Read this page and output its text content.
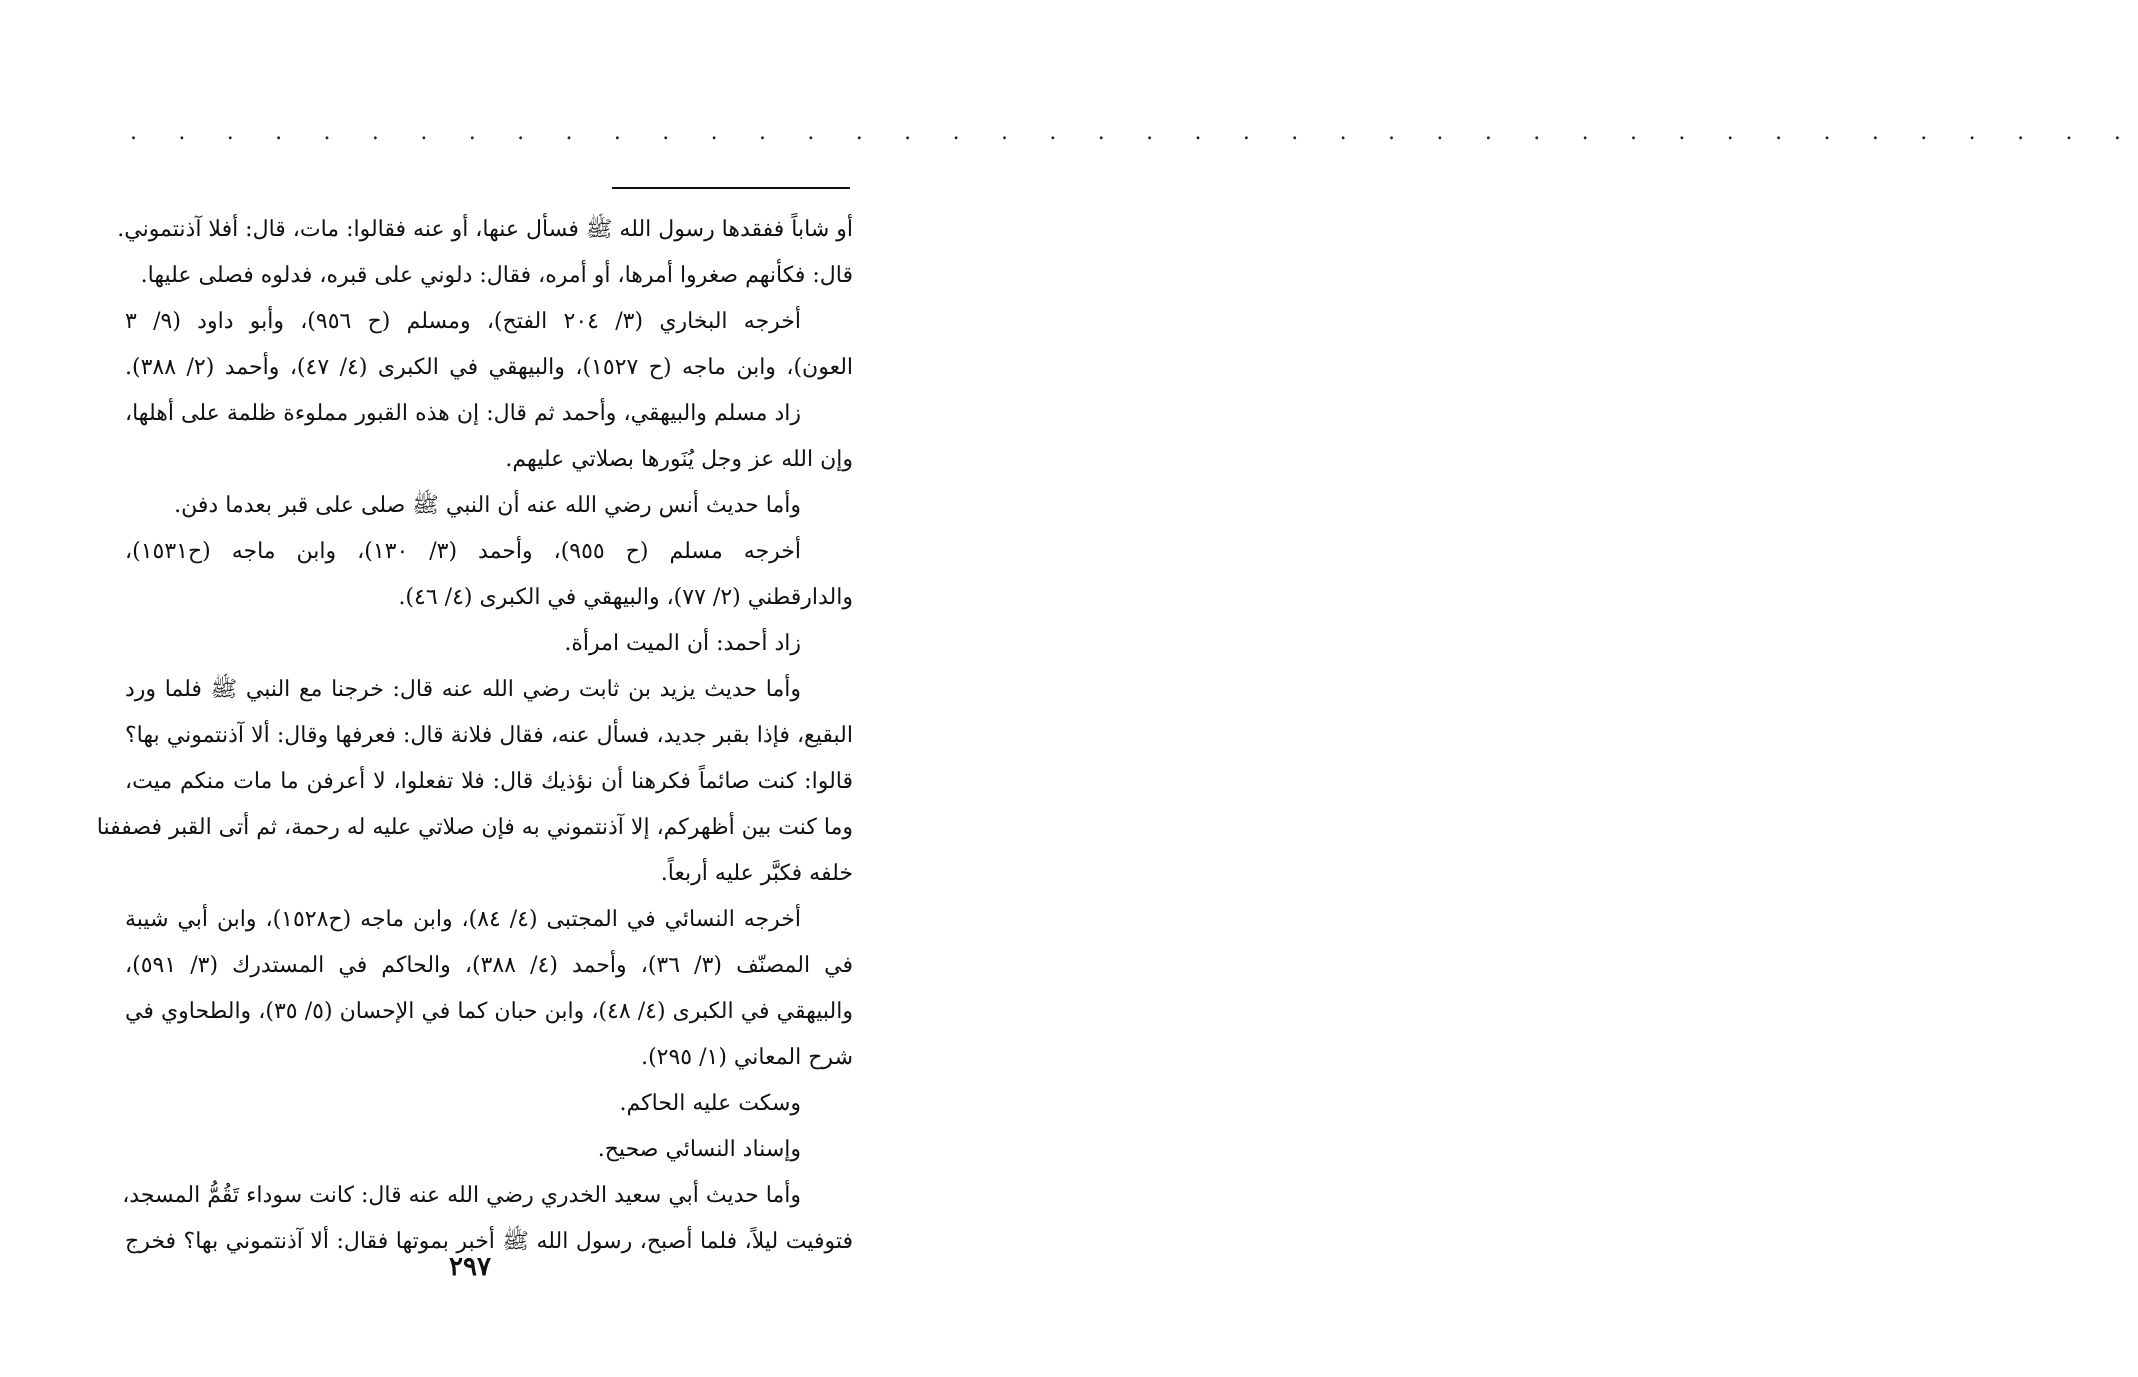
. . . . . . . . . . . . . . . . . . . . . . . . . . . . . . . . . . . . . . . . . .
أو شاباً ففقدها رسول الله ﷺ فسأل عنها، أو عنه فقالوا: مات، قال: أفلا آذنتموني.
قال: فكأنهم صغروا أمرها، أو أمره، فقال: دلوني على قبره، فدلوه فصلى عليها.
أخرجه البخاري (٣/ ٢٠٤ الفتح)، ومسلم (ح ٩٥٦)، وأبو داود (٩/ ٣
العون)، وابن ماجه (ح ١٥٢٧)، والبيهقي في الكبرى (٤/ ٤٧)، وأحمد (٢/ ٣٨٨).
زاد مسلم والبيهقي، وأحمد ثم قال: إن هذه القبور مملوءة ظلمة على أهلها،
وإن الله عز وجل يُنَورها بصلاتي عليهم.
وأما حديث أنس رضي الله عنه أن النبي ﷺ صلى على قبر بعدما دفن.
أخرجه مسلم (ح ٩٥٥)، وأحمد (٣/ ١٣٠)، وابن ماجه (ح١٥٣١)،
والدارقطني (٢/ ٧٧)، والبيهقي في الكبرى (٤/ ٤٦).
زاد أحمد: أن الميت امرأة.
وأما حديث يزيد بن ثابت رضي الله عنه قال: خرجنا مع النبي ﷺ فلما ورد
البقيع، فإذا بقبر جديد، فسأل عنه، فقال فلانة قال: فعرفها وقال: ألا آذنتموني بها؟
قالوا: كنت صائماً فكرهنا أن نؤذيك قال: فلا تفعلوا، لا أعرفن ما مات منكم ميت،
وما كنت بين أظهركم، إلا آذنتموني به فإن صلاتي عليه له رحمة، ثم أتى القبر فصففنا
خلفه فكبَّر عليه أربعاً.
أخرجه النسائي في المجتبى (٤/ ٨٤)، وابن ماجه (ح١٥٢٨)، وابن أبي شيبة
في المصنّف (٣/ ٣٦)، وأحمد (٤/ ٣٨٨)، والحاكم في المستدرك (٣/ ٥٩١)،
والبيهقي في الكبرى (٤/ ٤٨)، وابن حبان كما في الإحسان (٥/ ٣٥)، والطحاوي في
شرح المعاني (١/ ٢٩٥).
وسكت عليه الحاكم.
وإسناد النسائي صحيح.
وأما حديث أبي سعيد الخدري رضي الله عنه قال: كانت سوداء تَقُمُّ المسجد،
فتوفيت ليلاً، فلما أصبح، رسول الله ﷺ أخبر بموتها فقال: ألا آذنتموني بها؟ فخرج
٢٩٧
